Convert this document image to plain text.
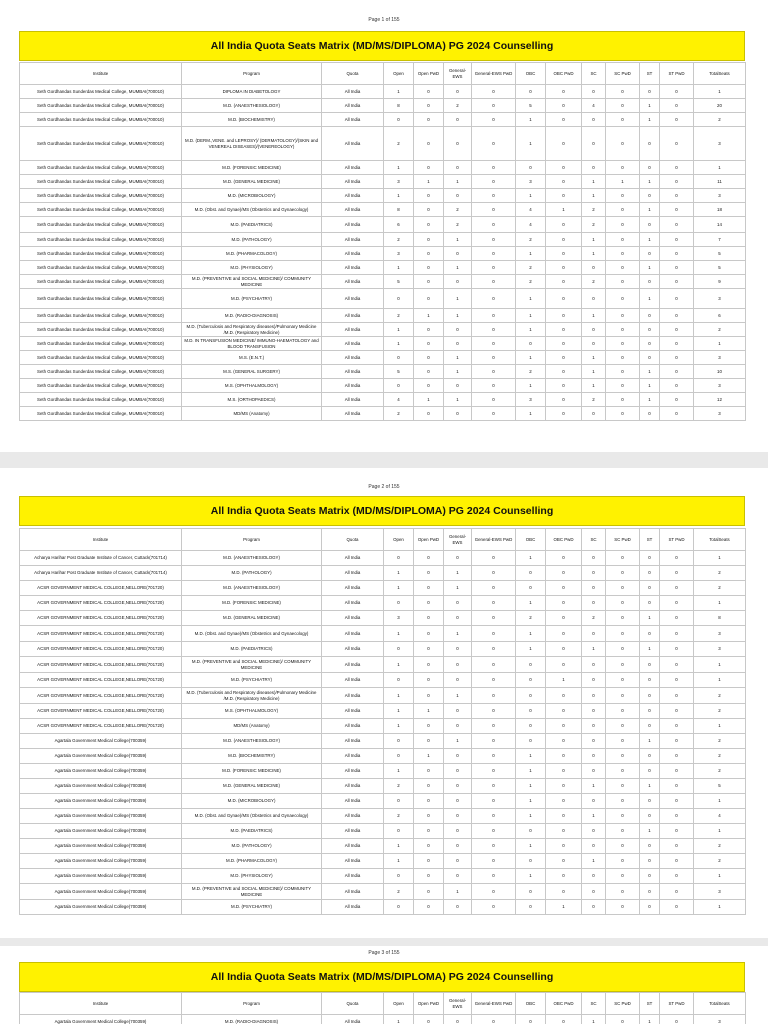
Page 1 of 155
All India Quota Seats Matrix (MD/MS/DIPLOMA) PG 2024 Counselling
Institute	Program	Quota	Open	Open PwD	General-EWS	General-EWS PwD	OBC	OBC PwD	SC	SC PwD	ST	ST PwD	TotalSeats
Seth Gordhandas Sunderdas Medical College, MUMBAI(700010)	DIPLOMA IN DIABETOLOGY	All India	1	0	0	0	0	0	0	0	0	0	1
Seth Gordhandas Sunderdas Medical College, MUMBAI(700010)	M.D. (ANAESTHESIOLOGY)	All India	8	0	2	0	5	0	4	0	1	0	20
Seth Gordhandas Sunderdas Medical College, MUMBAI(700010)	M.D. (BIOCHEMISTRY)	All India	0	0	0	0	1	0	0	0	1	0	2
Seth Gordhandas Sunderdas Medical College, MUMBAI(700010)	M.D. (DERM.,VENE. and LEPROSY)/ (DERMATOLOGY)/(SKIN and VENEREAL DISEASES)/(VENEREOLOGY)	All India	2	0	0	0	1	0	0	0	0	0	3
Seth Gordhandas Sunderdas Medical College, MUMBAI(700010)	M.D. (FORENSIC MEDICINE)	All India	1	0	0	0	0	0	0	0	0	0	1
Seth Gordhandas Sunderdas Medical College, MUMBAI(700010)	M.D. (GENERAL MEDICINE)	All India	3	1	1	0	3	0	1	1	1	0	11
Seth Gordhandas Sunderdas Medical College, MUMBAI(700010)	M.D. (MICROBIOLOGY)	All India	1	0	0	0	1	0	1	0	0	0	3
Seth Gordhandas Sunderdas Medical College, MUMBAI(700010)	M.D. (Obst. and Gynae)/MS (Obstetrics and Gynaecology)	All India	8	0	2	0	4	1	2	0	1	0	18
Seth Gordhandas Sunderdas Medical College, MUMBAI(700010)	M.D. (PAEDIATRICS)	All India	6	0	2	0	4	0	2	0	0	0	14
Seth Gordhandas Sunderdas Medical College, MUMBAI(700010)	M.D. (PATHOLOGY)	All India	2	0	1	0	2	0	1	0	1	0	7
Seth Gordhandas Sunderdas Medical College, MUMBAI(700010)	M.D. (PHARMACOLOGY)	All India	3	0	0	0	1	0	1	0	0	0	5
Seth Gordhandas Sunderdas Medical College, MUMBAI(700010)	M.D. (PHYSIOLOGY)	All India	1	0	1	0	2	0	0	0	1	0	5
Seth Gordhandas Sunderdas Medical College, MUMBAI(700010)	M.D. (PREVENTIVE and SOCIAL MEDICINE)/ COMMUNITY MEDICINE	All India	5	0	0	0	2	0	2	0	0	0	9
Seth Gordhandas Sunderdas Medical College, MUMBAI(700010)	M.D. (PSYCHIATRY)	All India	0	0	1	0	1	0	0	0	1	0	3
Seth Gordhandas Sunderdas Medical College, MUMBAI(700010)	M.D. (RADIO-DIAGNOSIS)	All India	2	1	1	0	1	0	1	0	0	0	6
Seth Gordhandas Sunderdas Medical College, MUMBAI(700010)	M.D. (Tuberculosis and Respiratory diseases)/Pulmonary Medicine /M.D. (Respiratory Medicine)	All India	1	0	0	0	1	0	0	0	0	0	2
Seth Gordhandas Sunderdas Medical College, MUMBAI(700010)	M.D. IN TRANSFUSION MEDICINE/ IMMUNO-HAEMATOLOGY and BLOOD TRANSFUSION	All India	1	0	0	0	0	0	0	0	0	0	1
Seth Gordhandas Sunderdas Medical College, MUMBAI(700010)	M.S. (E.N.T.)	All India	0	0	1	0	1	0	1	0	0	0	3
Seth Gordhandas Sunderdas Medical College, MUMBAI(700010)	M.S. (GENERAL SURGERY)	All India	5	0	1	0	2	0	1	0	1	0	10
Seth Gordhandas Sunderdas Medical College, MUMBAI(700010)	M.S. (OPHTHALMOLOGY)	All India	0	0	0	0	1	0	1	0	1	0	3
Seth Gordhandas Sunderdas Medical College, MUMBAI(700010)	M.S. (ORTHOPAEDICS)	All India	4	1	1	0	3	0	2	0	1	0	12
Seth Gordhandas Sunderdas Medical College, MUMBAI(700010)	MD/MS (Anatomy)	All India	2	0	0	0	1	0	0	0	0	0	3
Page 2 of 155
All India Quota Seats Matrix (MD/MS/DIPLOMA) PG 2024 Counselling
Institute	Program	Quota	Open	Open PwD	General-EWS	General-EWS PwD	OBC	OBC PwD	SC	SC PwD	ST	ST PwD	TotalSeats
Acharya Harihar Post Graduate Institute of Cancer, Cuttack(701714)	M.D. (ANAESTHESIOLOGY)	All India	0	0	0	0	1	0	0	0	0	0	1
Acharya Harihar Post Graduate Institute of Cancer, Cuttack(701714)	M.D. (PATHOLOGY)	All India	1	0	1	0	0	0	0	0	0	0	2
ACSR GOVERNMENT MEDICAL COLLEGE,NELLORE(701720)	M.D. (ANAESTHESIOLOGY)	All India	1	0	1	0	0	0	0	0	0	0	2
ACSR GOVERNMENT MEDICAL COLLEGE,NELLORE(701720)	M.D. (FORENSIC MEDICINE)	All India	0	0	0	0	1	0	0	0	0	0	1
ACSR GOVERNMENT MEDICAL COLLEGE,NELLORE(701720)	M.D. (GENERAL MEDICINE)	All India	3	0	0	0	2	0	2	0	1	0	8
ACSR GOVERNMENT MEDICAL COLLEGE,NELLORE(701720)	M.D. (Obst. and Gynae)/MS (Obstetrics and Gynaecology)	All India	1	0	1	0	1	0	0	0	0	0	3
ACSR GOVERNMENT MEDICAL COLLEGE,NELLORE(701720)	M.D. (PAEDIATRICS)	All India	0	0	0	0	1	0	1	0	1	0	3
ACSR GOVERNMENT MEDICAL COLLEGE,NELLORE(701720)	M.D. (PREVENTIVE and SOCIAL MEDICINE)/ COMMUNITY MEDICINE	All India	1	0	0	0	0	0	0	0	0	0	1
ACSR GOVERNMENT MEDICAL COLLEGE,NELLORE(701720)	M.D. (PSYCHIATRY)	All India	0	0	0	0	0	1	0	0	0	0	1
ACSR GOVERNMENT MEDICAL COLLEGE,NELLORE(701720)	M.D. (Tuberculosis and Respiratory diseases)/Pulmonary Medicine /M.D. (Respiratory Medicine)	All India	1	0	1	0	0	0	0	0	0	0	2
ACSR GOVERNMENT MEDICAL COLLEGE,NELLORE(701720)	M.S. (OPHTHALMOLOGY)	All India	1	1	0	0	0	0	0	0	0	0	2
ACSR GOVERNMENT MEDICAL COLLEGE,NELLORE(701720)	MD/MS (Anatomy)	All India	1	0	0	0	0	0	0	0	0	0	1
Agartala Government Medical College(700359)	M.D. (ANAESTHESIOLOGY)	All India	0	0	1	0	0	0	0	0	1	0	2
Agartala Government Medical College(700359)	M.D. (BIOCHEMISTRY)	All India	0	1	0	0	1	0	0	0	0	0	2
Agartala Government Medical College(700359)	M.D. (FORENSIC MEDICINE)	All India	1	0	0	0	1	0	0	0	0	0	2
Agartala Government Medical College(700359)	M.D. (GENERAL MEDICINE)	All India	2	0	0	0	1	0	1	0	1	0	5
Agartala Government Medical College(700359)	M.D. (MICROBIOLOGY)	All India	0	0	0	0	1	0	0	0	0	0	1
Agartala Government Medical College(700359)	M.D. (Obst. and Gynae)/MS (Obstetrics and Gynaecology)	All India	2	0	0	0	1	0	1	0	0	0	4
Agartala Government Medical College(700359)	M.D. (PAEDIATRICS)	All India	0	0	0	0	0	0	0	0	1	0	1
Agartala Government Medical College(700359)	M.D. (PATHOLOGY)	All India	1	0	0	0	1	0	0	0	0	0	2
Agartala Government Medical College(700359)	M.D. (PHARMACOLOGY)	All India	1	0	0	0	0	0	1	0	0	0	2
Agartala Government Medical College(700359)	M.D. (PHYSIOLOGY)	All India	0	0	0	0	1	0	0	0	0	0	1
Agartala Government Medical College(700359)	M.D. (PREVENTIVE and SOCIAL MEDICINE)/ COMMUNITY MEDICINE	All India	2	0	1	0	0	0	0	0	0	0	3
Agartala Government Medical College(700359)	M.D. (PSYCHIATRY)	All India	0	0	0	0	0	1	0	0	0	0	1
Page 3 of 155
All India Quota Seats Matrix (MD/MS/DIPLOMA) PG 2024 Counselling
Institute	Program	Quota	Open	Open PwD	General-EWS	General-EWS PwD	OBC	OBC PwD	SC	SC PwD	ST	ST PwD	TotalSeats
Agartala Government Medical College(700359)	M.D. (RADIO-DIAGNOSIS)	All India	1	0	0	0	0	0	1	0	1	0	3
